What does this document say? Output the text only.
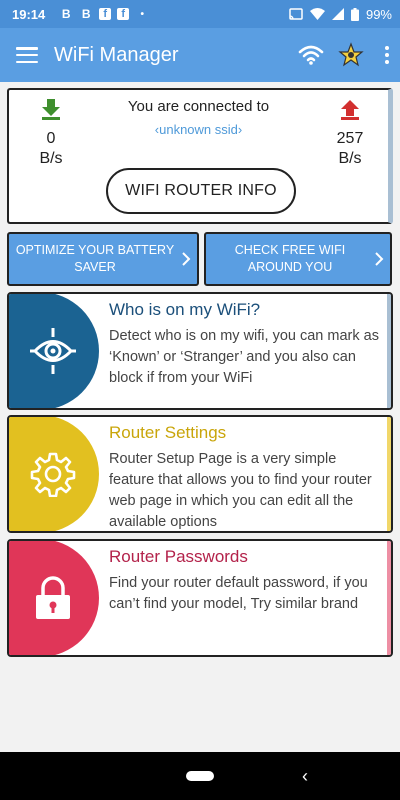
19:14 B B	f	f	•	99%
WiFi Manager
0
B/s
You are connected to
‹unknown ssid›
257
B/s
WIFI ROUTER INFO
OPTIMIZE YOUR BATTERY SAVER
CHECK FREE WIFI AROUND YOU
Who is on my WiFi?
Detect who is on my wifi, you can mark as ‘Known’ or ‘Stranger’ and you also can block if from your WiFi
Router Settings
Router Setup Page is a very simple feature that allows you to find your router web page in which you can edit all the available options
Router Passwords
Find your router default password, if you can’t find your model, Try similar brand
‹
